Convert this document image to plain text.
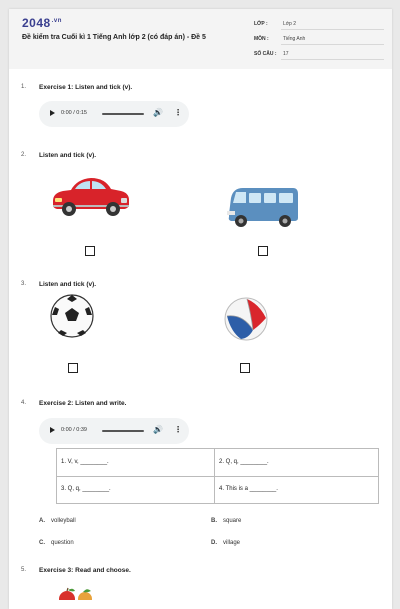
$2048^{.vn}$
Đề kiểm tra Cuối kì 1 Tiếng Anh lớp 2 (có đáp án) - Đề 5
LỚP :	Lớp 2
MÔN :	Tiếng Anh
SỐ CÂU : 17
1. Exercise 1: Listen and tick (v).
0:00 / 0:15	🔊 ⋮
2. Listen and tick (v).
3. Listen and tick (v).
4. Exercise 2: Listen and write.
0:00 / 0:39	🔊 ⋮
1. V, v, ________.	2. Q, q, ________.
3. Q, q, ________.	4. This is a ________.
A. volleyball	B. square
C. question	D. village
5. Exercise 3: Read and choose.
